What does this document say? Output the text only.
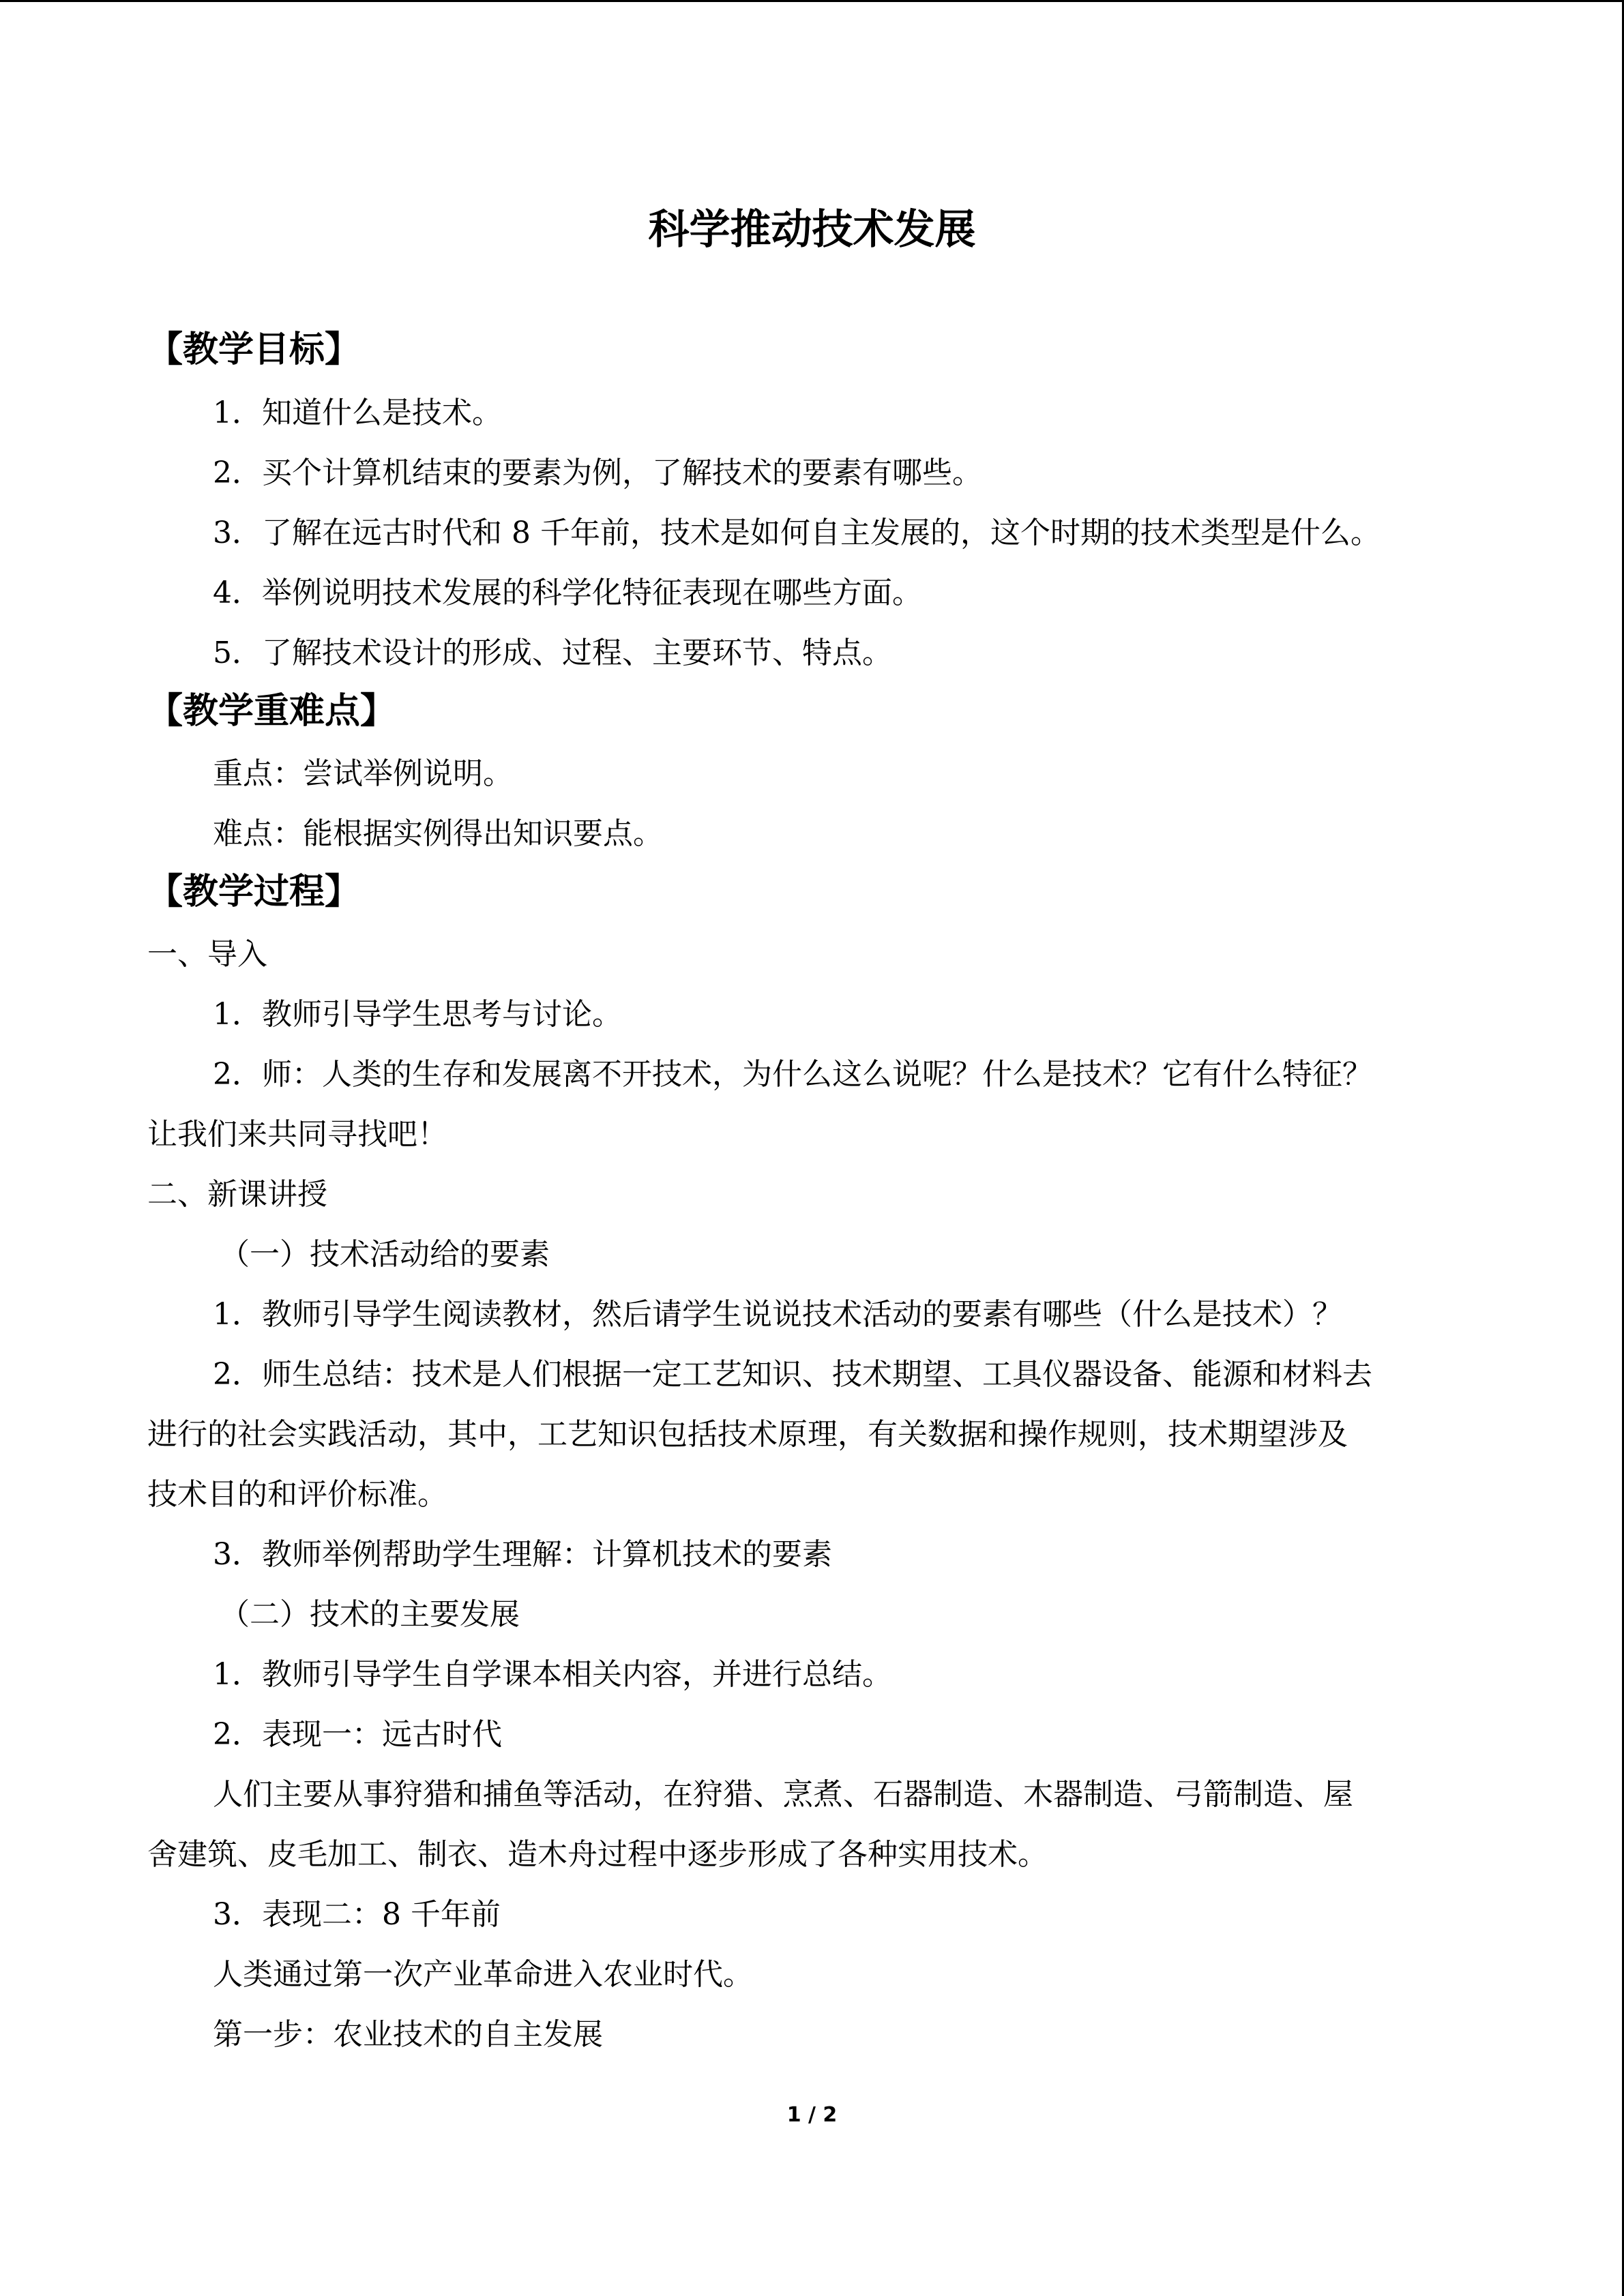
科学推动技术发展
【教学目标】
1．知道什么是技术。
2．买个计算机结束的要素为例，了解技术的要素有哪些。
3．了解在远古时代和 8 千年前，技术是如何自主发展的，这个时期的技术类型是什么。
4．举例说明技术发展的科学化特征表现在哪些方面。
5．了解技术设计的形成、过程、主要环节、特点。
【教学重难点】
重点：尝试举例说明。
难点：能根据实例得出知识要点。
【教学过程】
一、导入
1．教师引导学生思考与讨论。
2．师：人类的生存和发展离不开技术，为什么这么说呢？什么是技术？它有什么特征？
让我们来共同寻找吧！
二、新课讲授
（一）技术活动给的要素
1．教师引导学生阅读教材，然后请学生说说技术活动的要素有哪些（什么是技术）？
2．师生总结：技术是人们根据一定工艺知识、技术期望、工具仪器设备、能源和材料去
进行的社会实践活动，其中，工艺知识包括技术原理，有关数据和操作规则，技术期望涉及
技术目的和评价标准。
3．教师举例帮助学生理解：计算机技术的要素
（二）技术的主要发展
1．教师引导学生自学课本相关内容，并进行总结。
2．表现一：远古时代
人们主要从事狩猎和捕鱼等活动，在狩猎、烹煮、石器制造、木器制造、弓箭制造、屋
舍建筑、皮毛加工、制衣、造木舟过程中逐步形成了各种实用技术。
3．表现二：8 千年前
人类通过第一次产业革命进入农业时代。
第一步：农业技术的自主发展
1 / 2
